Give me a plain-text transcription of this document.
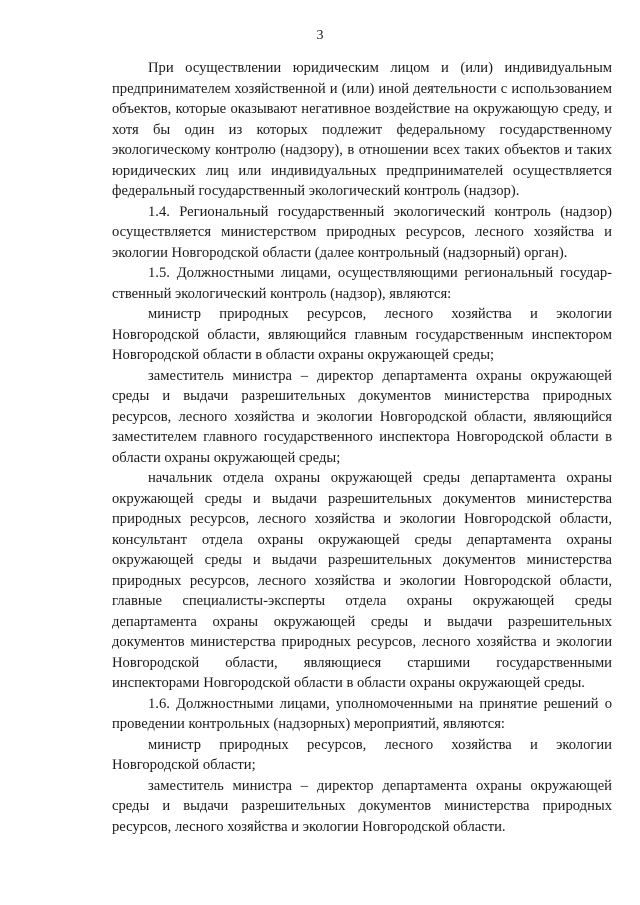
3

При осуществлении юридическим лицом и (или) индивидуальным предпринимателем хозяйственной и (или) иной деятельности с использованием объектов, которые оказывают негативное воздействие на окружающую среду, и хотя бы один из которых подлежит федеральному государственному экологическому контролю (надзору), в отношении всех таких объектов и таких юридических лиц или индивидуальных предпринимателей осуществляется федеральный государственный экологический контроль (надзор).

1.4. Региональный государственный экологический контроль (надзор) осуществляется министерством природных ресурсов, лесного хозяйства и экологии Новгородской области (далее контрольный (надзорный) орган).

1.5. Должностными лицами, осуществляющими региональный государственный экологический контроль (надзор), являются:

министр природных ресурсов, лесного хозяйства и экологии Новгородской области, являющийся главным государственным инспектором Новгородской области в области охраны окружающей среды;

заместитель министра – директор департамента охраны окружающей среды и выдачи разрешительных документов министерства природных ресурсов, лесного хозяйства и экологии Новгородской области, являющийся заместителем главного государственного инспектора Новгородской области в области охраны окружающей среды;

начальник отдела охраны окружающей среды департамента охраны окружающей среды и выдачи разрешительных документов министерства природных ресурсов, лесного хозяйства и экологии Новгородской области, консультант отдела охраны окружающей среды департамента охраны окружающей среды и выдачи разрешительных документов министерства природных ресурсов, лесного хозяйства и экологии Новгородской области, главные специалисты-эксперты отдела охраны окружающей среды департамента охраны окружающей среды и выдачи разрешительных документов министерства природных ресурсов, лесного хозяйства и экологии Новгородской области, являющиеся старшими государственными инспекторами Новгородской области в области охраны окружающей среды.

1.6. Должностными лицами, уполномоченными на принятие решений о проведении контрольных (надзорных) мероприятий, являются:

министр природных ресурсов, лесного хозяйства и экологии Новгородской области;

заместитель министра – директор департамента охраны окружающей среды и выдачи разрешительных документов министерства природных ресурсов, лесного хозяйства и экологии Новгородской области.
